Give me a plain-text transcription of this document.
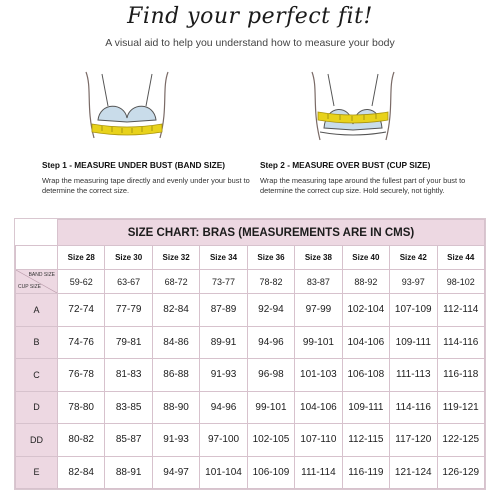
Find your perfect fit!
A visual aid to help you understand how to measure your body
Step 1 - MEASURE UNDER BUST (BAND SIZE)
Wrap the measuring tape directly and evenly under your bust to determine the correct size.
Step 2 - MEASURE OVER BUST (CUP SIZE)
Wrap the measuring tape around the fullest part of your bust to determine the correct cup size. Hold securely, not tightly.
	SIZE CHART: BRAS (MEASUREMENTS ARE IN CMS)								
	Size 28	Size 30	Size 32	Size 34	Size 36	Size 38	Size 40	Size 42	Size 44

BAND SIZE
CUP SIZE	59-62	63-67	68-72	73-77	78-82	83-87	88-92	93-97	98-102
A	72-74	77-79	82-84	87-89	92-94	97-99	102-104	107-109	112-114
B	74-76	79-81	84-86	89-91	94-96	99-101	104-106	109-111	114-116
C	76-78	81-83	86-88	91-93	96-98	101-103	106-108	111-113	116-118
D	78-80	83-85	88-90	94-96	99-101	104-106	109-111	114-116	119-121
DD	80-82	85-87	91-93	97-100	102-105	107-110	112-115	117-120	122-125
E	82-84	88-91	94-97	101-104	106-109	111-114	116-119	121-124	126-129
